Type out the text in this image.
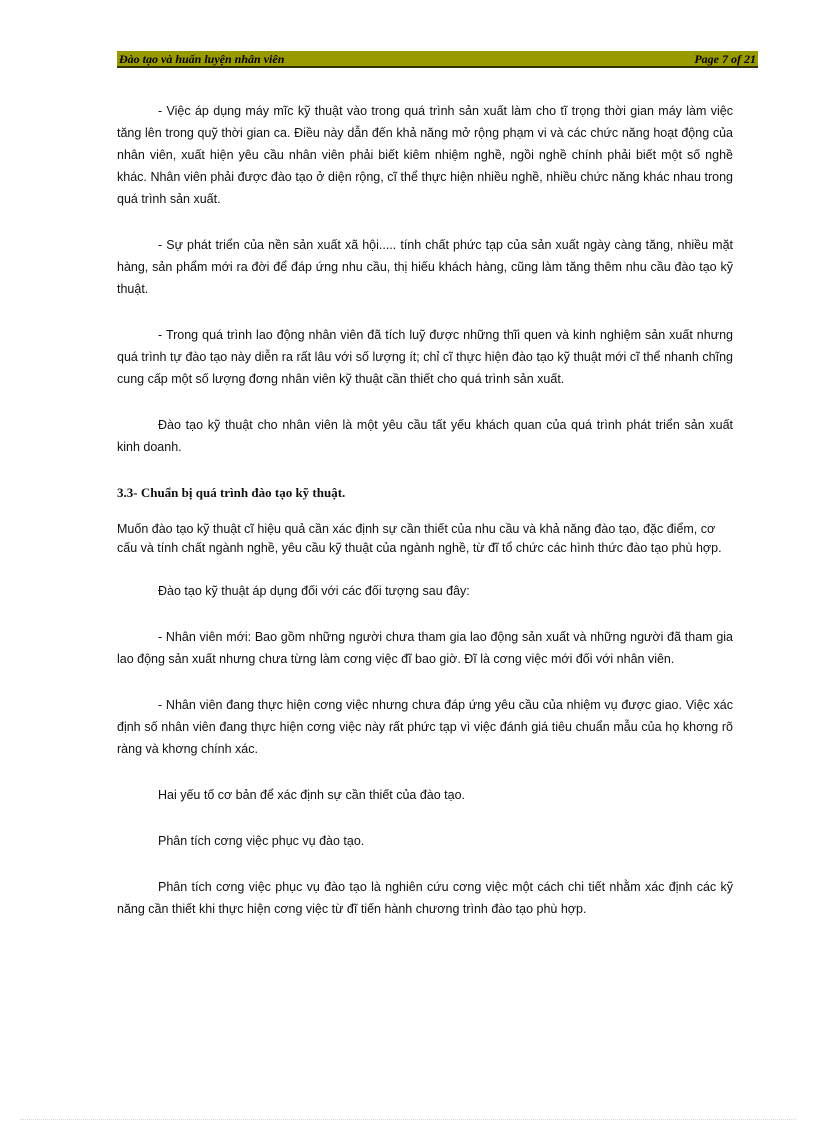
Đào tạo và huấn luyện nhân viên	Page 7 of 21

- Việc áp dụng máy mĩc kỹ thuật vào trong quá trình sản xuất làm cho tĩ trọng thời gian máy làm việc tăng lên trong quỹ thời gian ca. Điều này dẫn đến khả năng mở rộng phạm vi và các chức năng hoạt động của nhân viên, xuất hiện yêu cầu nhân viên phải biết kiêm nhiệm nghề, ngồi nghề chính phải biết một số nghề khác. Nhân viên phải được đào tạo ở diện rộng, cĩ thể thực hiện nhiều nghề, nhiều chức năng khác nhau trong quá trình sản xuất.

- Sự phát triển của nền sản xuất xã hội..... tính chất phức tạp của sản xuất ngày càng tăng, nhiều mặt hàng, sản phẩm mới ra đời để đáp ứng nhu cầu, thị hiếu khách hàng, cũng làm tăng thêm nhu cầu đào tạo kỹ thuật.

- Trong quá trình lao động nhân viên đã tích luỹ được những thĩi quen và kinh nghiệm sản xuất nhưng quá trình tự đào tạo này diễn ra rất lâu với số lượng ít; chỉ cĩ thực hiện đào tạo kỹ thuật mới cĩ thể nhanh chĩng cung cấp một số lượng đơng nhân viên kỹ thuật cần thiết cho quá trình sản xuất.

Đào tạo kỹ thuật cho nhân viên là một yêu cầu tất yếu khách quan của quá trình phát triển sản xuất kinh doanh.

3.3- Chuẩn bị quá trình đào tạo kỹ thuật.

Muốn đào tạo kỹ thuật cĩ hiệu quả cần xác định sự cần thiết của nhu cầu và khả năng đào tạo, đặc điểm, cơ cấu và tính chất ngành nghề, yêu cầu kỹ thuật của ngành nghề, từ đĩ tổ chức các hình thức đào tạo phù hợp.

Đào tạo kỹ thuật áp dụng đối với các đối tượng sau đây:

- Nhân viên mới: Bao gồm những người chưa tham gia lao động sản xuất và những người đã tham gia lao động sản xuất nhưng chưa từng làm cơng việc đĩ bao giờ. Đĩ là cơng việc mới đối với nhân viên.

- Nhân viên đang thực hiện cơng việc nhưng chưa đáp ứng yêu cầu của nhiệm vụ được giao. Việc xác định số nhân viên đang thực hiện cơng việc này rất phức tạp vì việc đánh giá tiêu chuẩn mẫu của họ khơng rõ ràng và khơng chính xác.

Hai yếu tố cơ bản để xác định sự cần thiết của đào tạo.

Phân tích cơng việc phục vụ đào tạo.

Phân tích cơng việc phục vụ đào tạo là nghiên cứu cơng việc một cách chi tiết nhằm xác định các kỹ năng cần thiết khi thực hiện cơng việc từ đĩ tiến hành chương trình đào tạo phù hợp.
